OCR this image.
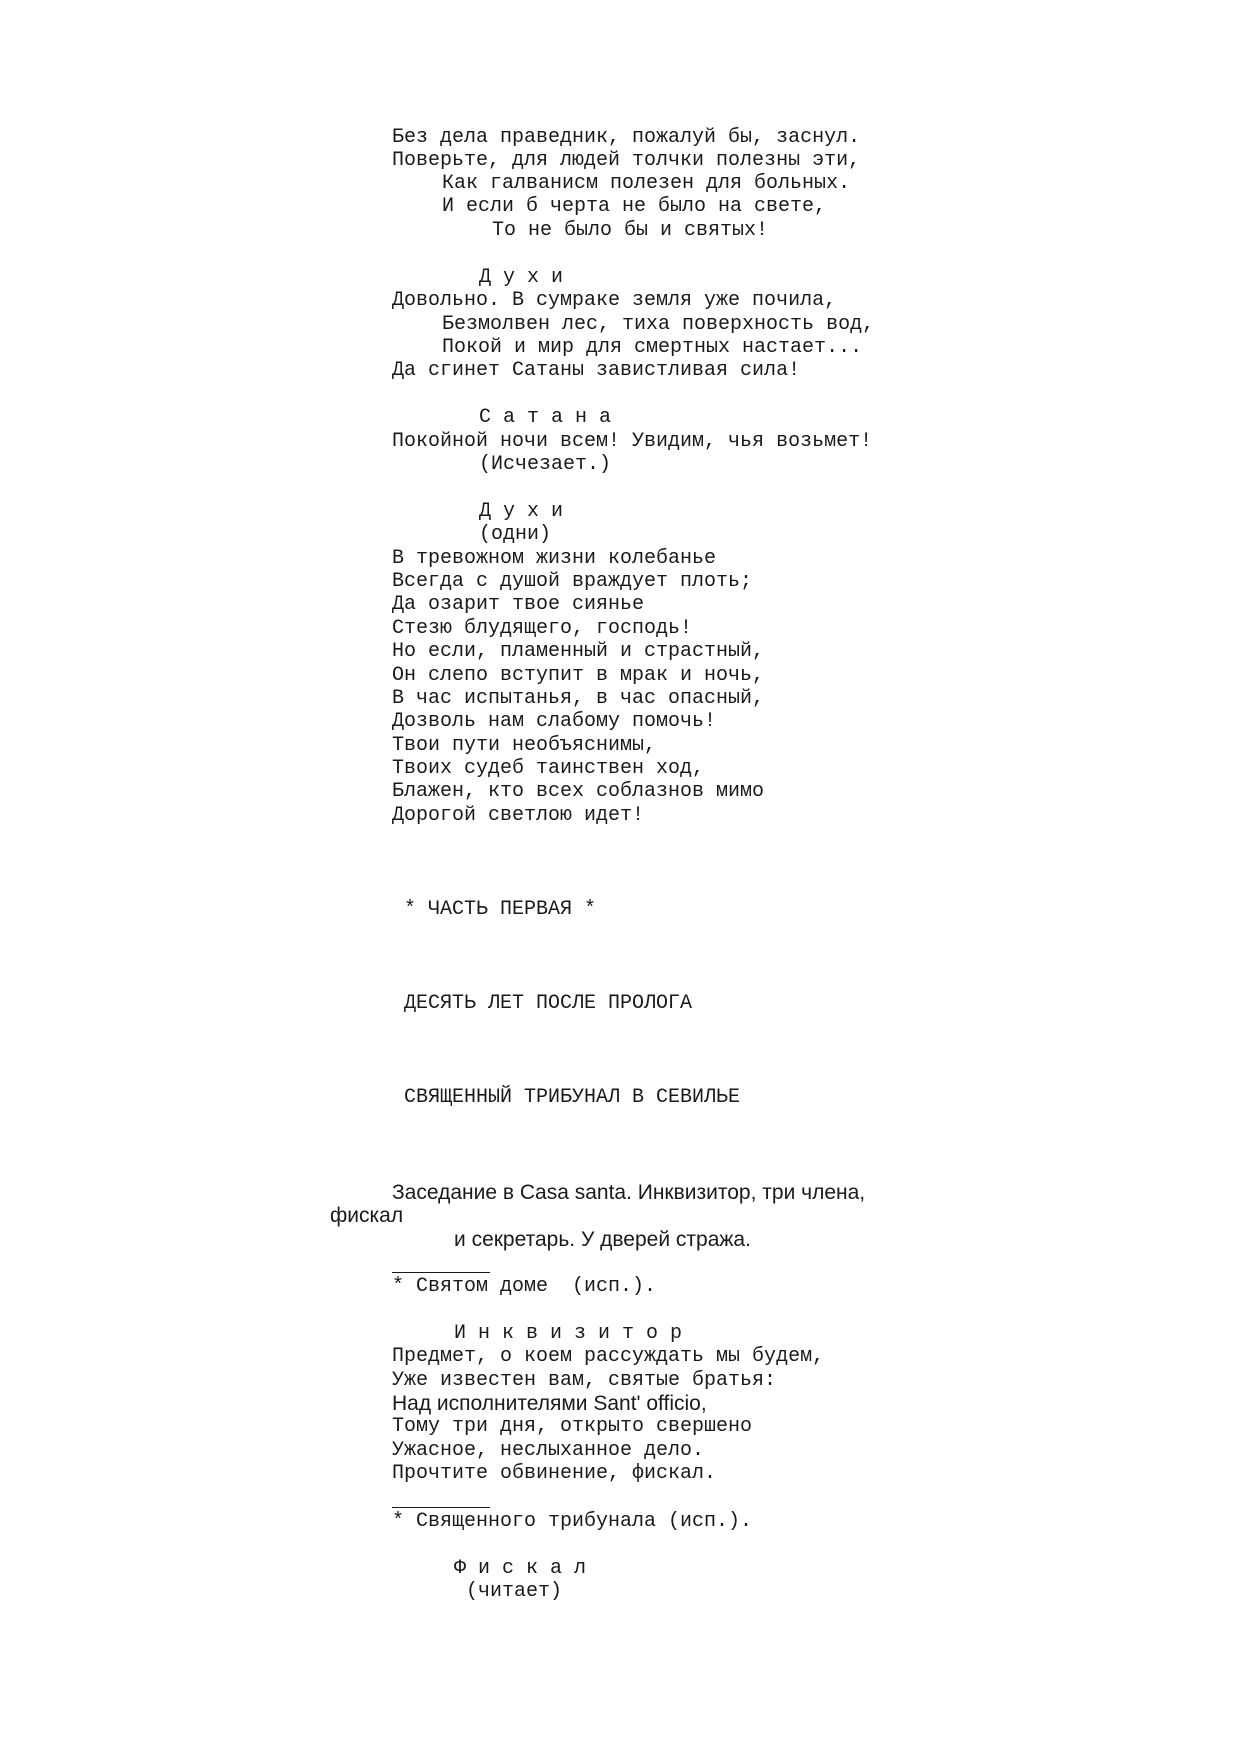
Без дела праведник, пожалуй бы, заснул.
Поверьте, для людей толчки полезны эти,
Как галванисм полезен для больных.
И если б черта не было на свете,
То не было бы и святых!
Д у х и
Довольно. В сумраке земля уже почила,
Безмолвен лес, тиха поверхность вод,
Покой и мир для смертных настает...
Да сгинет Сатаны завистливая сила!
С а т а н а
Покойной ночи всем! Увидим, чья возьмет!
(Исчезает.)
Д у х и
(одни)
В тревожном жизни колебанье
Всегда с душой враждует плоть;
Да озарит твое сиянье
Стезю блудящего, господь!
Но если, пламенный и страстный,
Он слепо вступит в мрак и ночь,
В час испытанья, в час опасный,
Дозволь нам слабому помочь!
Твои пути необъяснимы,
Твоих судеб таинствен ход,
Блажен, кто всех соблазнов мимо
Дорогой светлою идет!
* ЧАСТЬ ПЕРВАЯ *
ДЕСЯТЬ ЛЕТ ПОСЛЕ ПРОЛОГА
СВЯЩЕННЫЙ ТРИБУНАЛ В СЕВИЛЬЕ
Заседание в Casa santa. Инквизитор, три члена,
фискал
и секретарь. У дверей стража.
* Святом доме  (исп.).
И н к в и з и т о р
Предмет, о коем рассуждать мы будем,
Уже известен вам, святые братья:
Над исполнителями Sant' officio,
Тому три дня, открыто свершено
Ужасное, неслыханное дело.
Прочтите обвинение, фискал.
* Священного трибунала (исп.).
Ф и с к а л
(читает)
